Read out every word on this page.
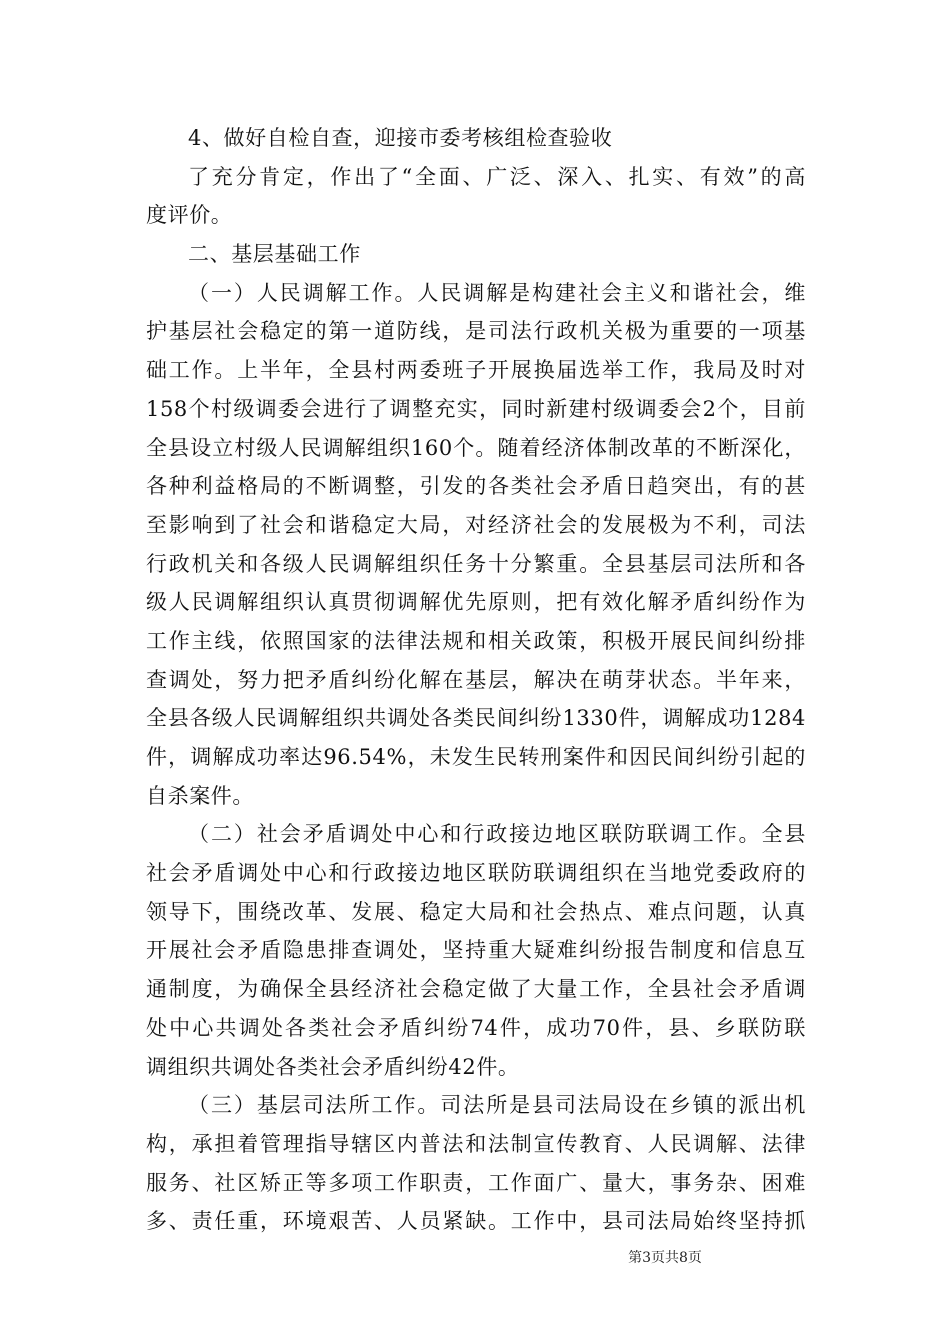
4、做好自检自查，迎接市委考核组检查验收
了充分肯定，作出了“全面、广泛、深入、扎实、有效”的高
度评价。
二、基层基础工作
（一）人民调解工作。人民调解是构建社会主义和谐社会，维
护基层社会稳定的第一道防线，是司法行政机关极为重要的一项基
础工作。上半年，全县村两委班子开展换届选举工作，我局及时对
158个村级调委会进行了调整充实，同时新建村级调委会2个，目前
全县设立村级人民调解组织160个。随着经济体制改革的不断深化，
各种利益格局的不断调整，引发的各类社会矛盾日趋突出，有的甚
至影响到了社会和谐稳定大局，对经济社会的发展极为不利，司法
行政机关和各级人民调解组织任务十分繁重。全县基层司法所和各
级人民调解组织认真贯彻调解优先原则，把有效化解矛盾纠纷作为
工作主线，依照国家的法律法规和相关政策，积极开展民间纠纷排
查调处，努力把矛盾纠纷化解在基层，解决在萌芽状态。半年来，
全县各级人民调解组织共调处各类民间纠纷1330件，调解成功1284
件，调解成功率达96.54%，未发生民转刑案件和因民间纠纷引起的
自杀案件。
（二）社会矛盾调处中心和行政接边地区联防联调工作。全县
社会矛盾调处中心和行政接边地区联防联调组织在当地党委政府的
领导下，围绕改革、发展、稳定大局和社会热点、难点问题，认真
开展社会矛盾隐患排查调处，坚持重大疑难纠纷报告制度和信息互
通制度，为确保全县经济社会稳定做了大量工作，全县社会矛盾调
处中心共调处各类社会矛盾纠纷74件，成功70件，县、乡联防联
调组织共调处各类社会矛盾纠纷42件。
（三）基层司法所工作。司法所是县司法局设在乡镇的派出机
构，承担着管理指导辖区内普法和法制宣传教育、人民调解、法律
服务、社区矫正等多项工作职责，工作面广、量大，事务杂、困难
多、责任重，环境艰苦、人员紧缺。工作中，县司法局始终坚持抓
第3页共8页
